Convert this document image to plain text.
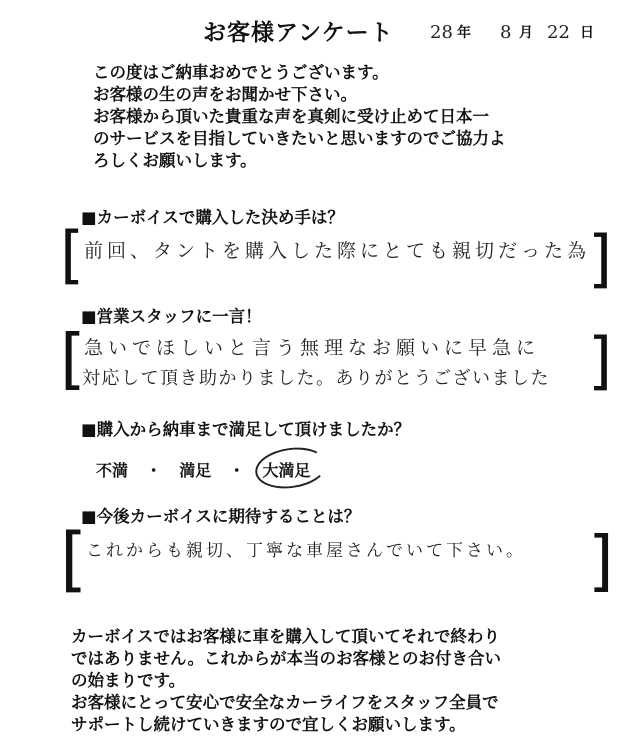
お客様アンケート 28 年 8 月 22 日
この度はご納車おめでとうございます。
お客様の生の声をお聞かせ下さい。
お客様から頂いた貴重な声を真剣に受け止めて日本一
のサービスを目指していきたいと思いますのでご協力よ
ろしくお願いします。
■カーボイスで購入した決め手は？
[	]
前回、タントを購入した際にとても親切だった為
■営業スタッフに一言！
[	]
急いでほしいと言う無理なお願いに早急に
対応して頂き助かりました。ありがとうございました
■購入から納車まで満足して頂けましたか？
不満 ・ 満足 ・ 大満足
■今後カーボイスに期待することは？
[	]
これからも親切、丁寧な車屋さんでいて下さい。
カーボイスではお客様に車を購入して頂いてそれで終わり
ではありません。これからが本当のお客様とのお付き合い
の始まりです。
お客様にとって安心で安全なカーライフをスタッフ全員で
サポートし続けていきますので宜しくお願いします。
